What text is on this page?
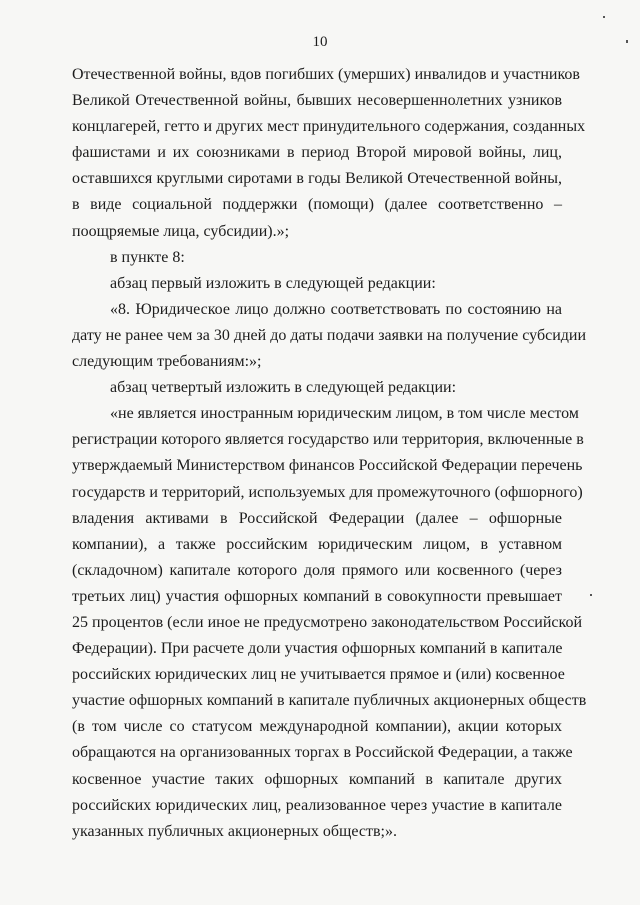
10
Отечественной войны, вдов погибших (умерших) инвалидов и участников
Великой Отечественной войны, бывших несовершеннолетних узников
концлагерей, гетто и других мест принудительного содержания, созданных
фашистами и их союзниками в период Второй мировой войны, лиц,
оставшихся круглыми сиротами в годы Великой Отечественной войны,
в виде социальной поддержки (помощи) (далее соответственно –
поощряемые лица, субсидии).»;
в пункте 8:
абзац первый изложить в следующей редакции:
«8. Юридическое лицо должно соответствовать по состоянию на
дату не ранее чем за 30 дней до даты подачи заявки на получение субсидии
следующим требованиям:»;
абзац четвертый изложить в следующей редакции:
«не является иностранным юридическим лицом, в том числе местом
регистрации которого является государство или территория, включенные в
утверждаемый Министерством финансов Российской Федерации перечень
государств и территорий, используемых для промежуточного (офшорного)
владения активами в Российской Федерации (далее – офшорные
компании), а также российским юридическим лицом, в уставном
(складочном) капитале которого доля прямого или косвенного (через
третьих лиц) участия офшорных компаний в совокупности превышает
25 процентов (если иное не предусмотрено законодательством Российской
Федерации). При расчете доли участия офшорных компаний в капитале
российских юридических лиц не учитывается прямое и (или) косвенное
участие офшорных компаний в капитале публичных акционерных обществ
(в том числе со статусом международной компании), акции которых
обращаются на организованных торгах в Российской Федерации, а также
косвенное участие таких офшорных компаний в капитале других
российских юридических лиц, реализованное через участие в капитале
указанных публичных акционерных обществ;».
